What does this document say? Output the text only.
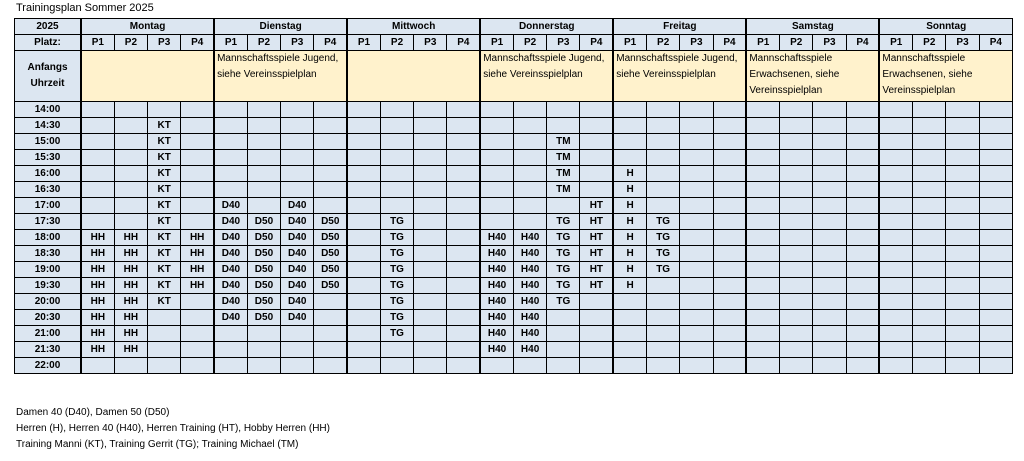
Trainingsplan Sommer 2025
2025	Montag				Dienstag				Mittwoch				Donnerstag				Freitag				Samstag				Sonntag			
Platz:	P1	P2	P3	P4	P1	P2	P3	P4	P1	P2	P3	P4	P1	P2	P3	P4	P1	P2	P3	P4	P1	P2	P3	P4	P1	P2	P3	P4
Anfangs Uhrzeit					Mannschaftsspiele Jugend, siehe Vereinsspielplan								Mannschaftsspiele Jugend, siehe Vereinsspielplan				Mannschaftsspiele Jugend, siehe Vereinsspielplan				Mannschaftsspiele Erwachsenen, siehe Vereinsspielplan				Mannschaftsspiele Erwachsenen, siehe Vereinsspielplan			
14:00																												
14:30			KT																									
15:00			KT												TM													
15:30			KT												TM													
16:00			KT												TM		H											
16:30			KT												TM		H											
17:00			KT		D40		D40									HT	H											
17:30			KT		D40	D50	D40	D50		TG					TG	HT	H	TG										
18:00	HH	HH	KT	HH	D40	D50	D40	D50		TG			H40	H40	TG	HT	H	TG										
18:30	HH	HH	KT	HH	D40	D50	D40	D50		TG			H40	H40	TG	HT	H	TG										
19:00	HH	HH	KT	HH	D40	D50	D40	D50		TG			H40	H40	TG	HT	H	TG										
19:30	HH	HH	KT	HH	D40	D50	D40	D50		TG			H40	H40	TG	HT	H											
20:00	HH	HH	KT		D40	D50	D40			TG			H40	H40	TG													
20:30	HH	HH			D40	D50	D40			TG			H40	H40														
21:00	HH	HH								TG			H40	H40														
21:30	HH	HH											H40	H40														
22:00																												
Damen 40 (D40), Damen 50 (D50)
Herren (H), Herren 40 (H40), Herren Training (HT), Hobby Herren (HH)
Training Manni (KT), Training Gerrit (TG); Training Michael (TM)
